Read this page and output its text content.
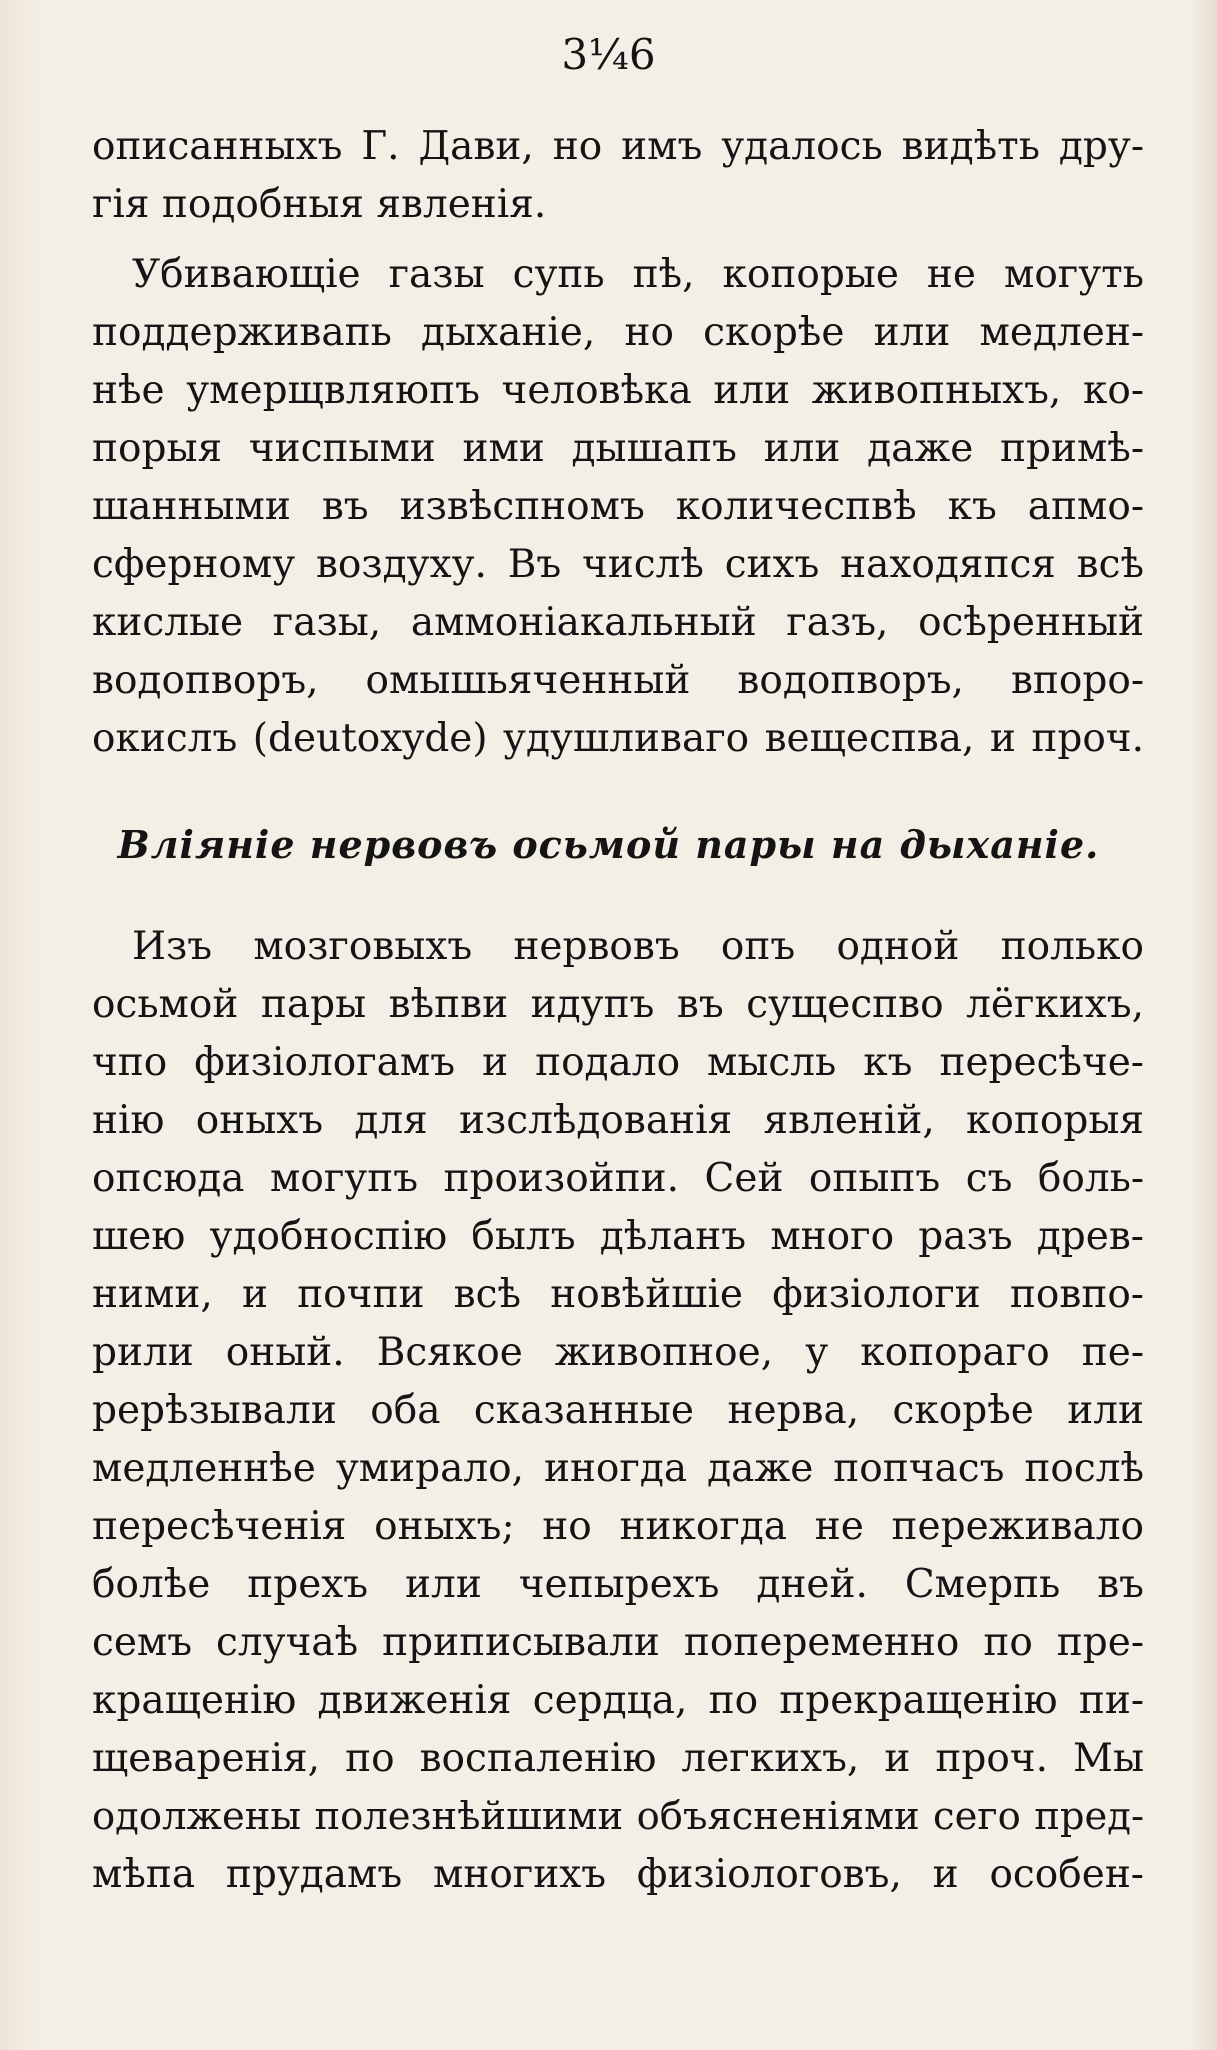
3¼6
описанныхъ Г. Дави, но имъ удалось видѣть дру-
гія подобныя явленія.
Убивающіе газы супь пѣ, копорые не могуть
поддерживапь дыханіе, но скорѣе или медлен-
нѣе умерщвляюпъ человѣка или живопныхъ, ко-
порыя чиспыми ими дышапъ или даже примѣ-
шанными въ извѣспномъ количеспвѣ къ апмо-
сферному воздуху. Въ числѣ сихъ находяпся всѣ
кислые газы, аммоніакальный газъ, осѣренный
водопворъ, омышьяченный водопворъ, впоро-
окислъ (deutoxyde) удушливаго вещеспва, и проч.
Вліяніе нервовъ осьмой пары на дыханіе.
Изъ мозговыхъ нервовъ опъ одной полько
осьмой пары вѣпви идупъ въ сущеспво лёгкихъ,
чпо физіологамъ и подало мысль къ пересѣче-
нію оныхъ для изслѣдованія явленій, копорыя
опсюда могупъ произойпи. Сей опыпъ съ боль-
шею удобноспію былъ дѣланъ много разъ древ-
ними, и почпи всѣ новѣйшіе физіологи повпо-
рили оный. Всякое живопное, у копораго пе-
рерѣзывали оба сказанные нерва, скорѣе или
медленнѣе умирало, иногда даже попчасъ послѣ
пересѣченія оныхъ; но никогда не переживало
болѣе прехъ или чепырехъ дней. Смерпь въ
семъ случаѣ приписывали попеременно по пре-
кращенію движенія сердца, по прекращенію пи-
щеваренія, по воспаленію легкихъ, и проч. Мы
одолжены полезнѣйшими объясненіями сего пред-
мѣпа прудамъ многихъ физіологовъ, и особен-
